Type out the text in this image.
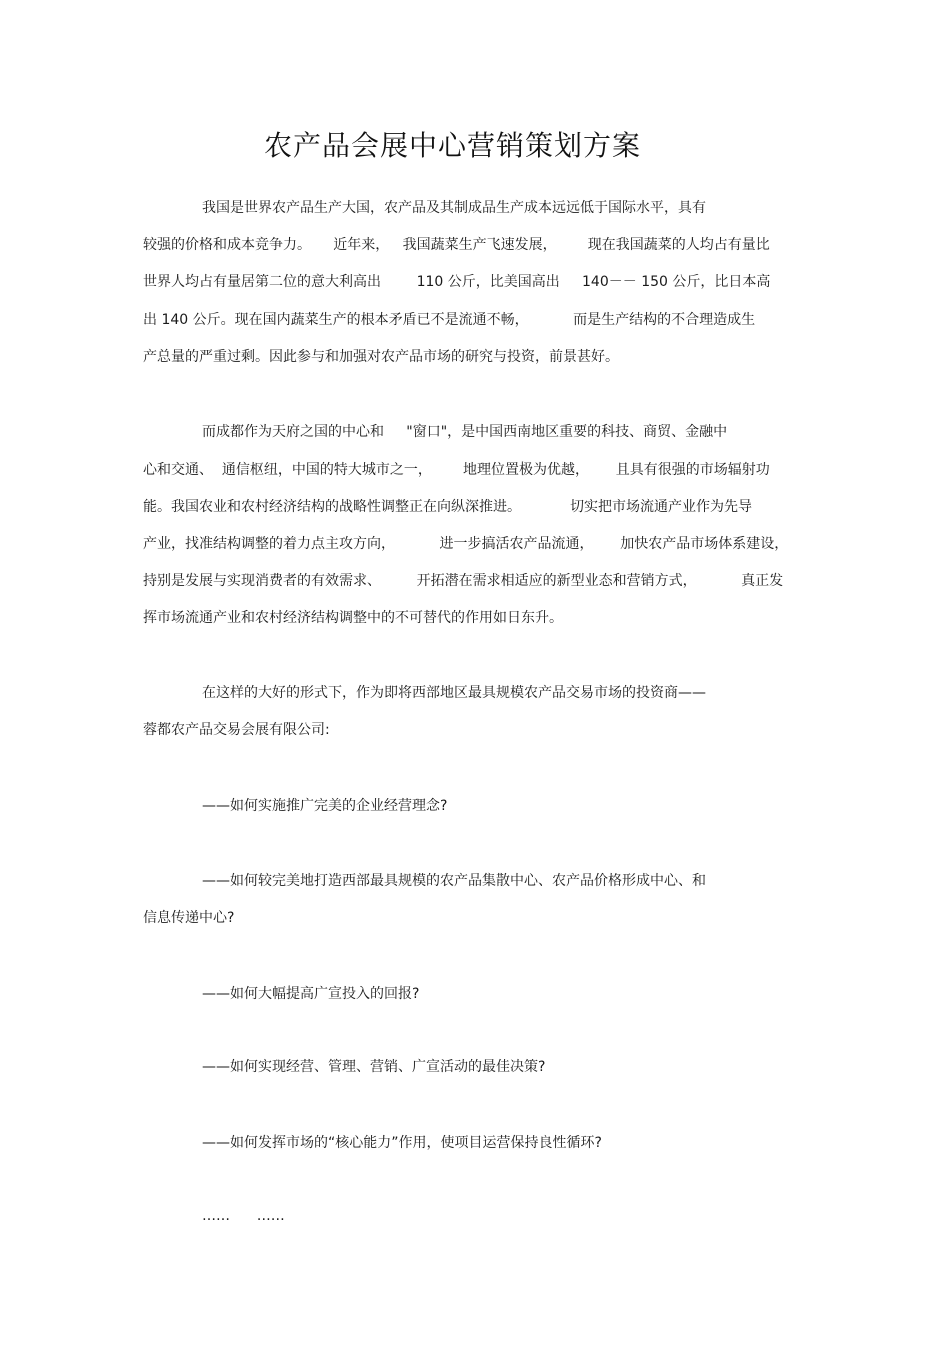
农产品会展中心营销策划方案
我国是世界农产品生产大国，农产品及其制成品生产成本远远低于国际水平，具有
较强的价格和成本竞争力。     近年来，   我国蔬菜生产飞速发展，       现在我国蔬菜的人均占有量比
世界人均占有量居第二位的意大利高出        110 公斤，比美国高出     140－－ 150 公斤，比日本高
出 140 公斤。现在国内蔬菜生产的根本矛盾已不是流通不畅，          而是生产结构的不合理造成生
产总量的严重过剩。因此参与和加强对农产品市场的研究与投资，前景甚好。
而成都作为天府之国的中心和     "窗口"，是中国西南地区重要的科技、商贸、金融中
心和交通、  通信枢纽，中国的特大城市之一，       地理位置极为优越，      且具有很强的市场辐射功
能。我国农业和农村经济结构的战略性调整正在向纵深推进。           切实把市场流通产业作为先导
产业，找准结构调整的着力点主攻方向，          进一步搞活农产品流通，      加快农产品市场体系建设，
持别是发展与实现消费者的有效需求、        开拓潜在需求相适应的新型业态和营销方式，          真正发
挥市场流通产业和农村经济结构调整中的不可替代的作用如日东升。
在这样的大好的形式下，作为即将西部地区最具规模农产品交易市场的投资商——
蓉都农产品交易会展有限公司:
——如何实施推广完美的企业经营理念?
——如何较完美地打造西部最具规模的农产品集散中心、农产品价格形成中心、和
信息传递中心?
——如何大幅提高广宣投入的回报?
——如何实现经营、管理、营销、广宣活动的最佳决策?
——如何发挥市场的“核心能力”作用，使项目运营保持良性循环?
……      ……
